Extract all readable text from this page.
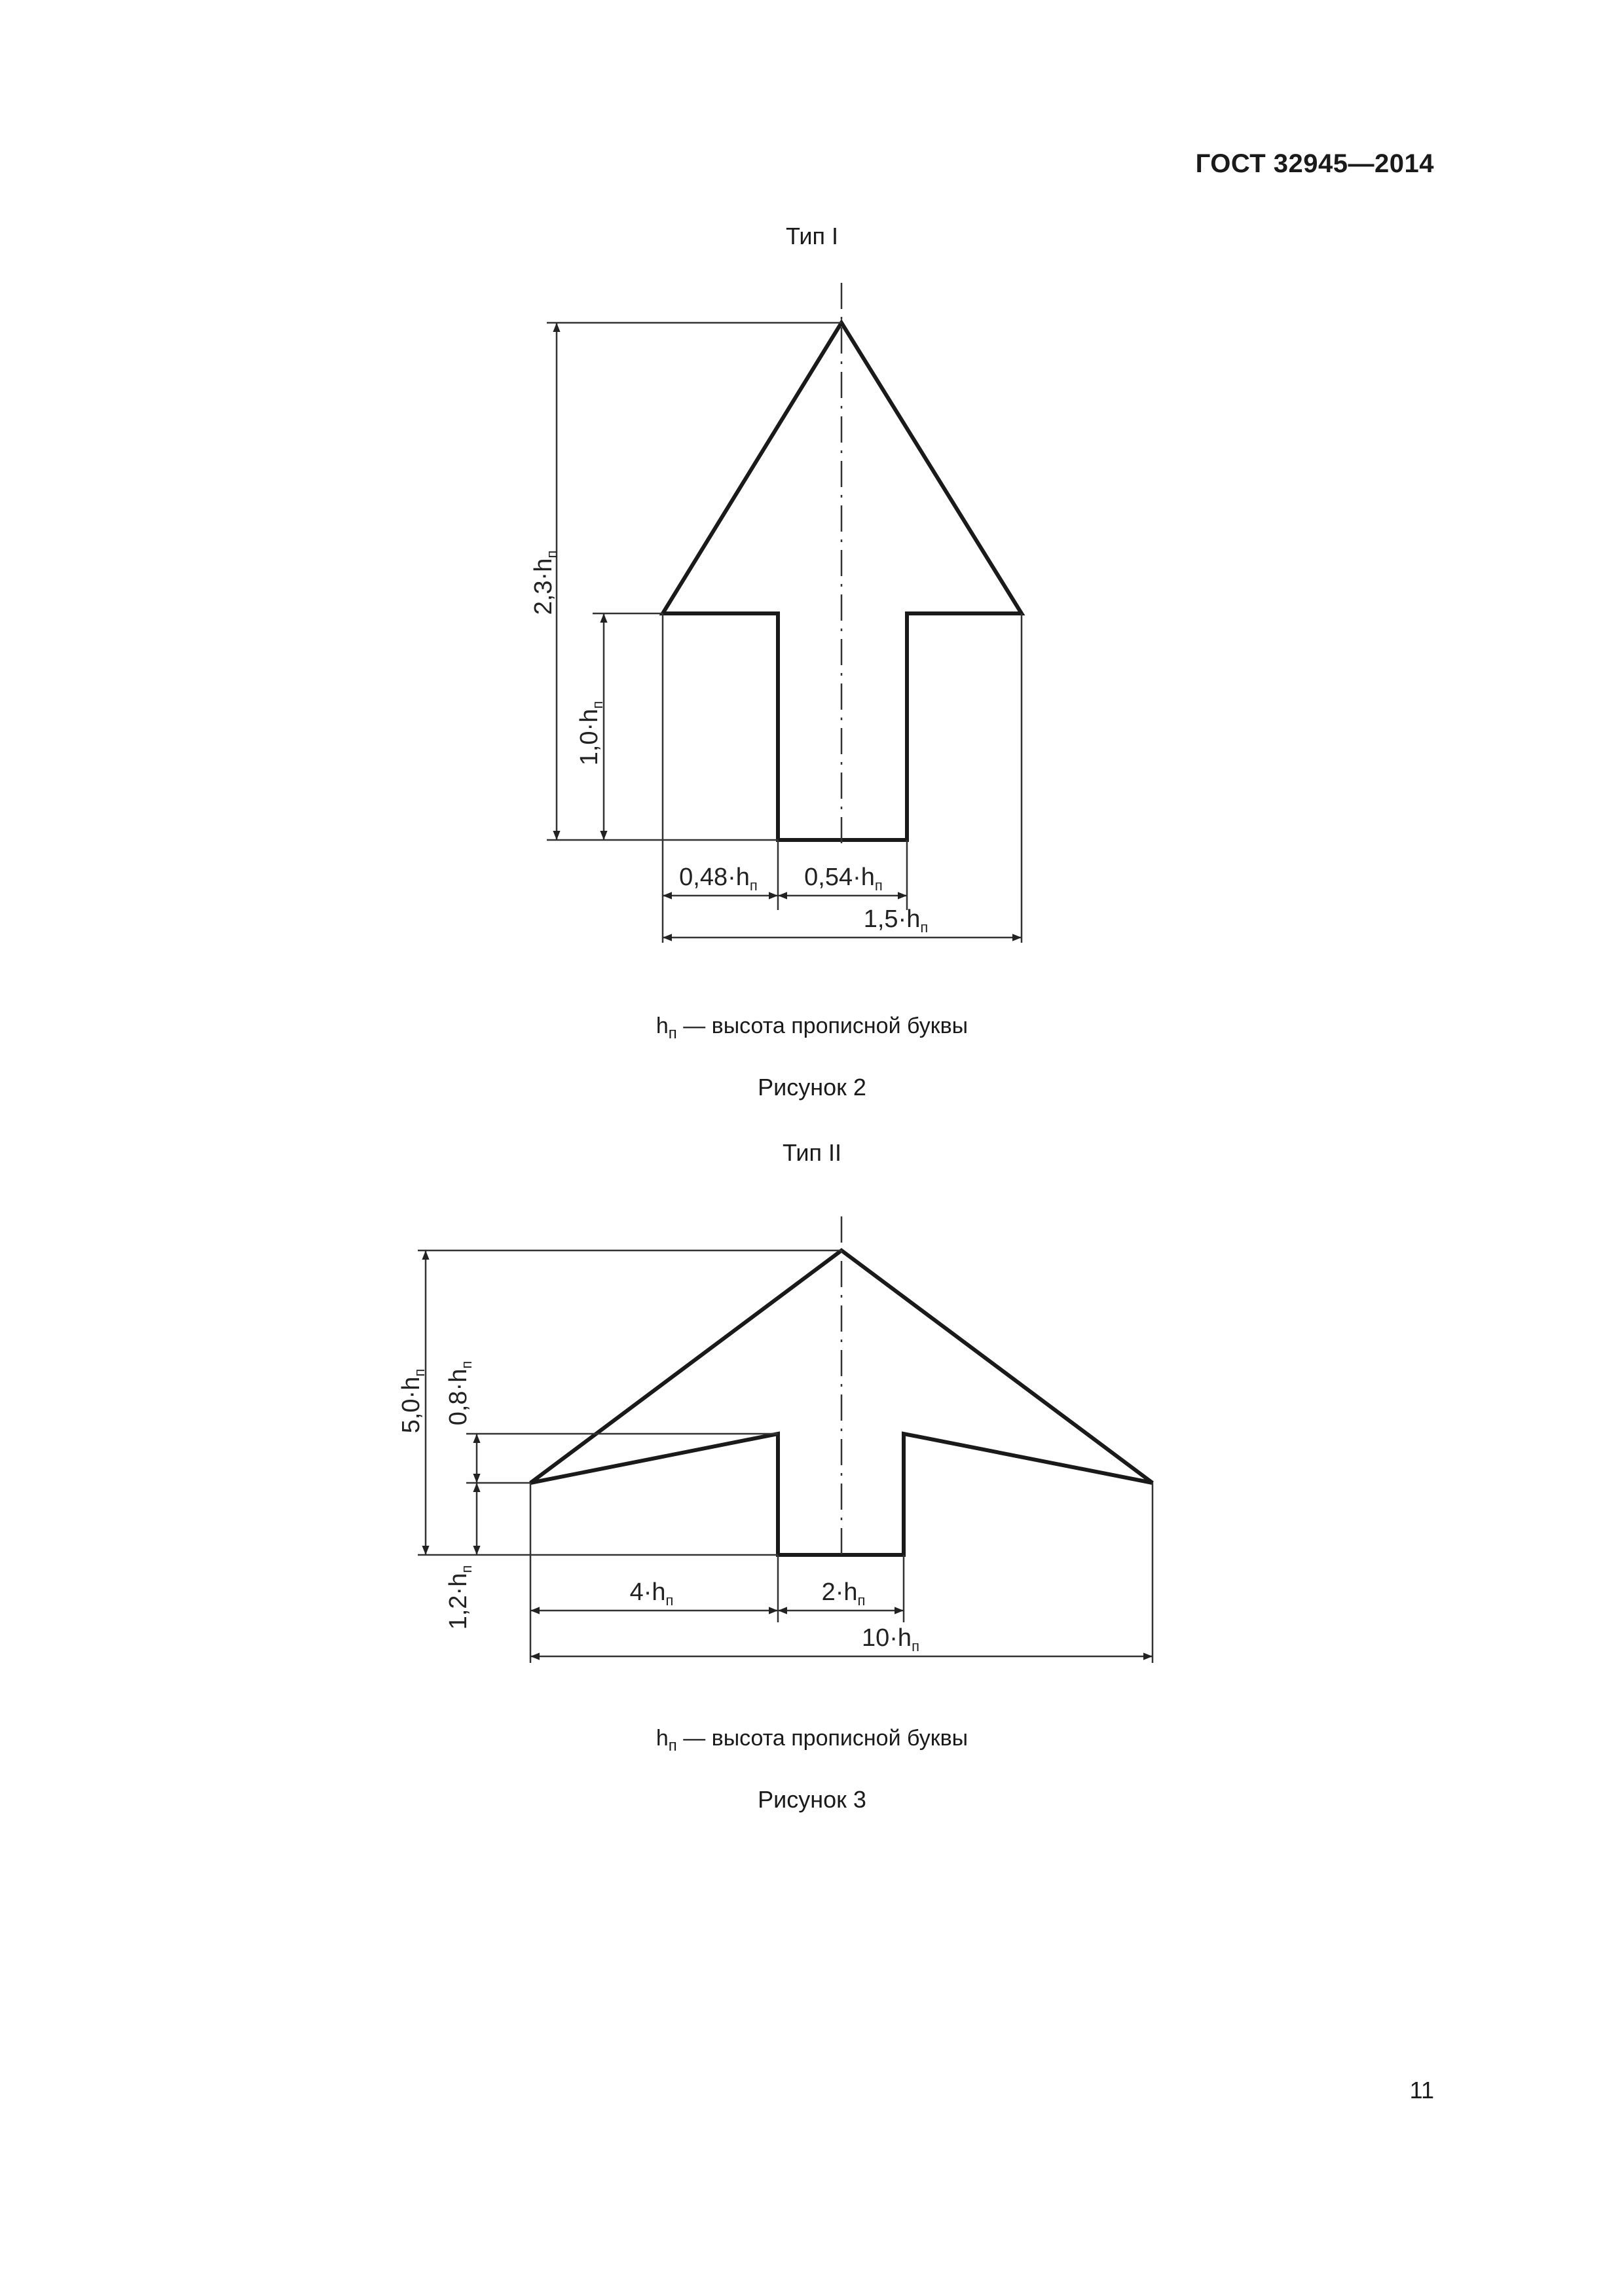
ГОСТ 32945—2014
Тип I
$2,3\cdot h_п$
$1,0\cdot h_п$
$0,48\cdot h_п$ $0,54\cdot h_п$
$1,5\cdot h_п$
$h_п$ — высота прописной буквы
Рисунок 2
Тип II
$5,0\cdot h_п$ $0,8\cdot h_п$
$1,2\cdot h_п$
$4\cdot h_п$	$2\cdot h_п$
$10\cdot h_п$
$h_п$ — высота прописной буквы
Рисунок 3
11
